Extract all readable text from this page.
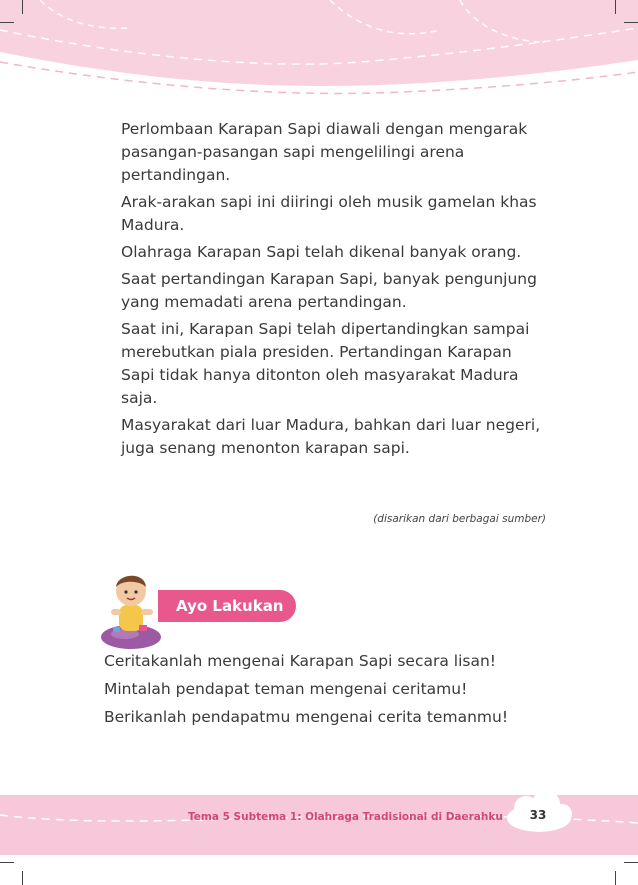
Perlombaan Karapan Sapi diawali dengan mengarak pasangan-pasangan sapi mengelilingi arena pertandingan.

Arak-arakan sapi ini diiringi oleh musik gamelan khas Madura.

Olahraga Karapan Sapi telah dikenal banyak orang.

Saat pertandingan Karapan Sapi, banyak pengunjung yang memadati arena pertandingan.

Saat ini, Karapan Sapi telah dipertandingkan sampai merebutkan piala presiden. Pertandingan Karapan Sapi tidak hanya ditonton oleh masyarakat Madura saja.

Masyarakat dari luar Madura, bahkan dari luar negeri, juga senang menonton karapan sapi.

(disarikan dari berbagai sumber)
Ayo Lakukan

Ceritakanlah mengenai Karapan Sapi secara lisan!

Mintalah pendapat teman mengenai ceritamu!

Berikanlah pendapatmu mengenai cerita temanmu!

Tema 5 Subtema 1: Olahraga Tradisional di Daerahku	33
